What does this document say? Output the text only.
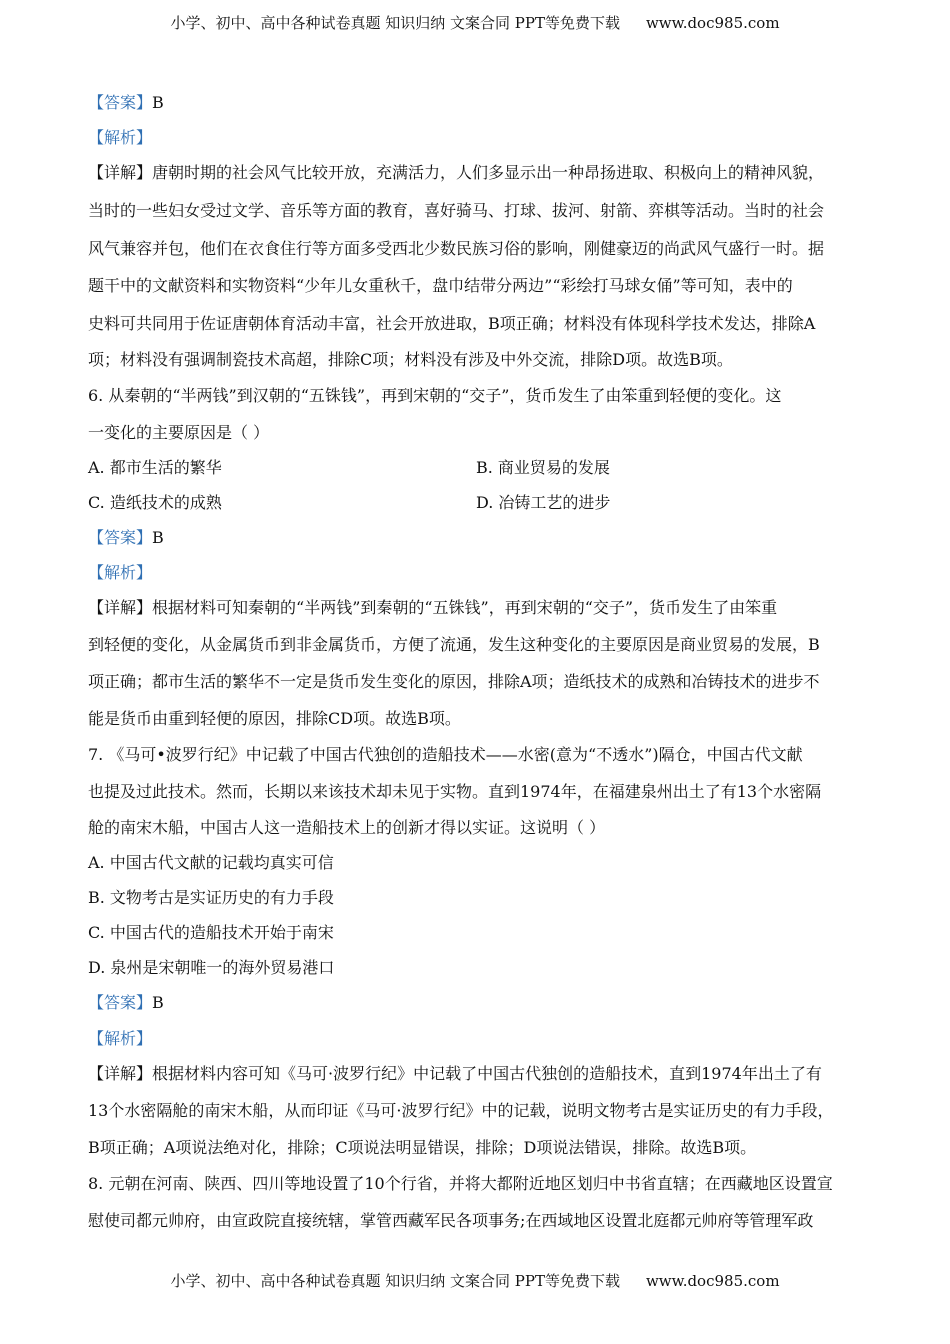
小学、初中、高中各种试卷真题 知识归纳 文案合同 PPT等免费下载 www.doc985.com
【答案】B
【解析】
【详解】唐朝时期的社会风气比较开放，充满活力，人们多显示出一种昂扬进取、积极向上的精神风貌，
当时的一些妇女受过文学、音乐等方面的教育，喜好骑马、打球、拔河、射箭、弈棋等活动。当时的社会
风气兼容并包，他们在衣食住行等方面多受西北少数民族习俗的影响，刚健豪迈的尚武风气盛行一时。据
题干中的文献资料和实物资料“少年儿女重秋千，盘巾结带分两边”“彩绘打马球女俑”等可知，表中的
史料可共同用于佐证唐朝体育活动丰富，社会开放进取，B项正确；材料没有体现科学技术发达，排除A
项；材料没有强调制瓷技术高超，排除C项；材料没有涉及中外交流，排除D项。故选B项。
6. 从秦朝的“半两钱”到汉朝的“五铢钱”，再到宋朝的“交子”，货币发生了由笨重到轻便的变化。这
一变化的主要原因是（ ）
A. 都市生活的繁华	B. 商业贸易的发展
C. 造纸技术的成熟	D. 冶铸工艺的进步
【答案】B
【解析】
【详解】根据材料可知秦朝的“半两钱”到秦朝的“五铢钱”，再到宋朝的“交子”，货币发生了由笨重
到轻便的变化，从金属货币到非金属货币，方便了流通，发生这种变化的主要原因是商业贸易的发展，B
项正确；都市生活的繁华不一定是货币发生变化的原因，排除A项；造纸技术的成熟和冶铸技术的进步不
能是货币由重到轻便的原因，排除CD项。故选B项。
7. 《马可•波罗行纪》中记载了中国古代独创的造船技术——水密(意为“不透水”)隔仓，中国古代文献
也提及过此技术。然而，长期以来该技术却未见于实物。直到1974年，在福建泉州出土了有13个水密隔
舱的南宋木船，中国古人这一造船技术上的创新才得以实证。这说明（ ）
A. 中国古代文献的记载均真实可信
B. 文物考古是实证历史的有力手段
C. 中国古代的造船技术开始于南宋
D. 泉州是宋朝唯一的海外贸易港口
【答案】B
【解析】
【详解】根据材料内容可知《马可·波罗行纪》中记载了中国古代独创的造船技术，直到1974年出土了有
13个水密隔舱的南宋木船，从而印证《马可·波罗行纪》中的记载，说明文物考古是实证历史的有力手段，
B项正确；A项说法绝对化，排除；C项说法明显错误，排除；D项说法错误，排除。故选B项。
8. 元朝在河南、陕西、四川等地设置了10个行省，并将大都附近地区划归中书省直辖；在西藏地区设置宣
慰使司都元帅府，由宣政院直接统辖，掌管西藏军民各项事务;在西域地区设置北庭都元帅府等管理军政
小学、初中、高中各种试卷真题 知识归纳 文案合同 PPT等免费下载 www.doc985.com
